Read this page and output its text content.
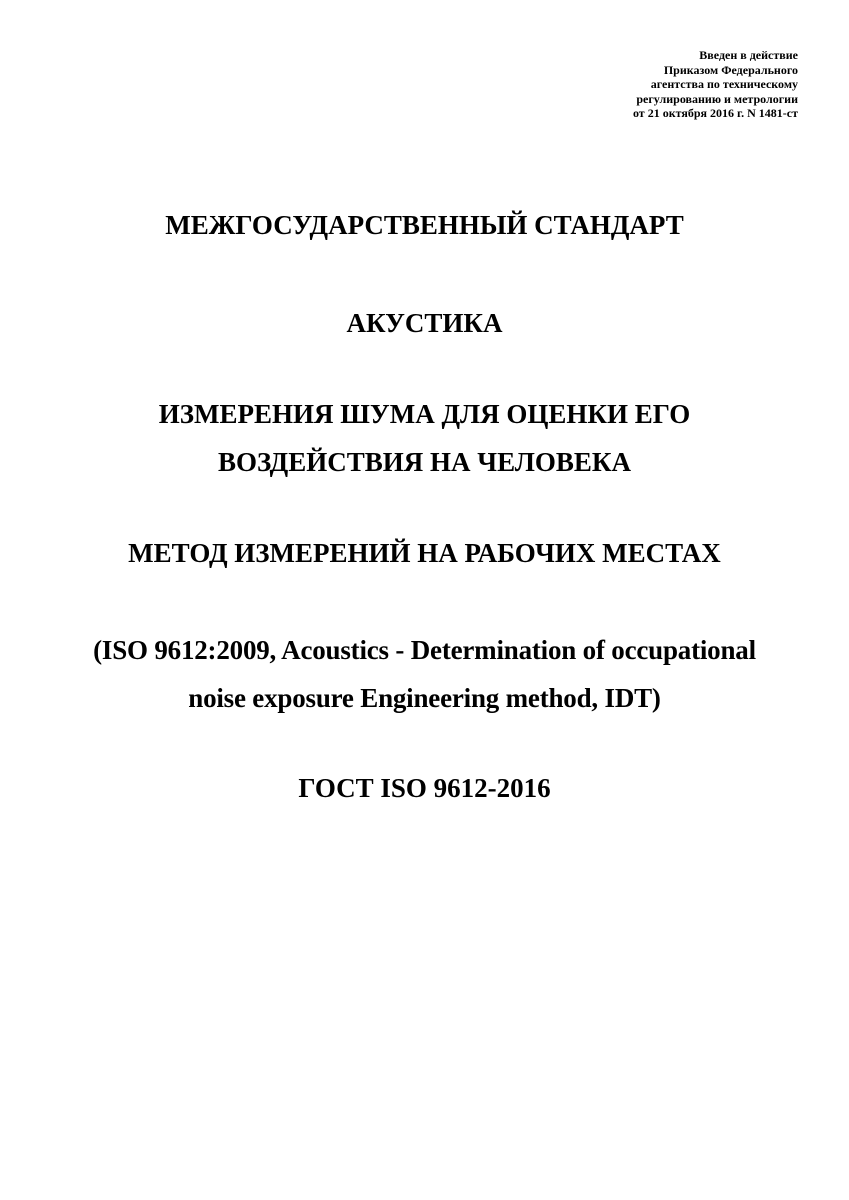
Введен в действие
Приказом Федерального
агентства по техническому
регулированию и метрологии
от 21 октября 2016 г. N 1481-ст
МЕЖГОСУДАРСТВЕННЫЙ СТАНДАРТ
АКУСТИКА
ИЗМЕРЕНИЯ ШУМА ДЛЯ ОЦЕНКИ ЕГО
ВОЗДЕЙСТВИЯ НА ЧЕЛОВЕКА
МЕТОД ИЗМЕРЕНИЙ НА РАБОЧИХ МЕСТАХ
(ISO 9612:2009, Acoustics - Determination of occupational
noise exposure Engineering method, IDT)
ГОСТ ISO 9612-2016
